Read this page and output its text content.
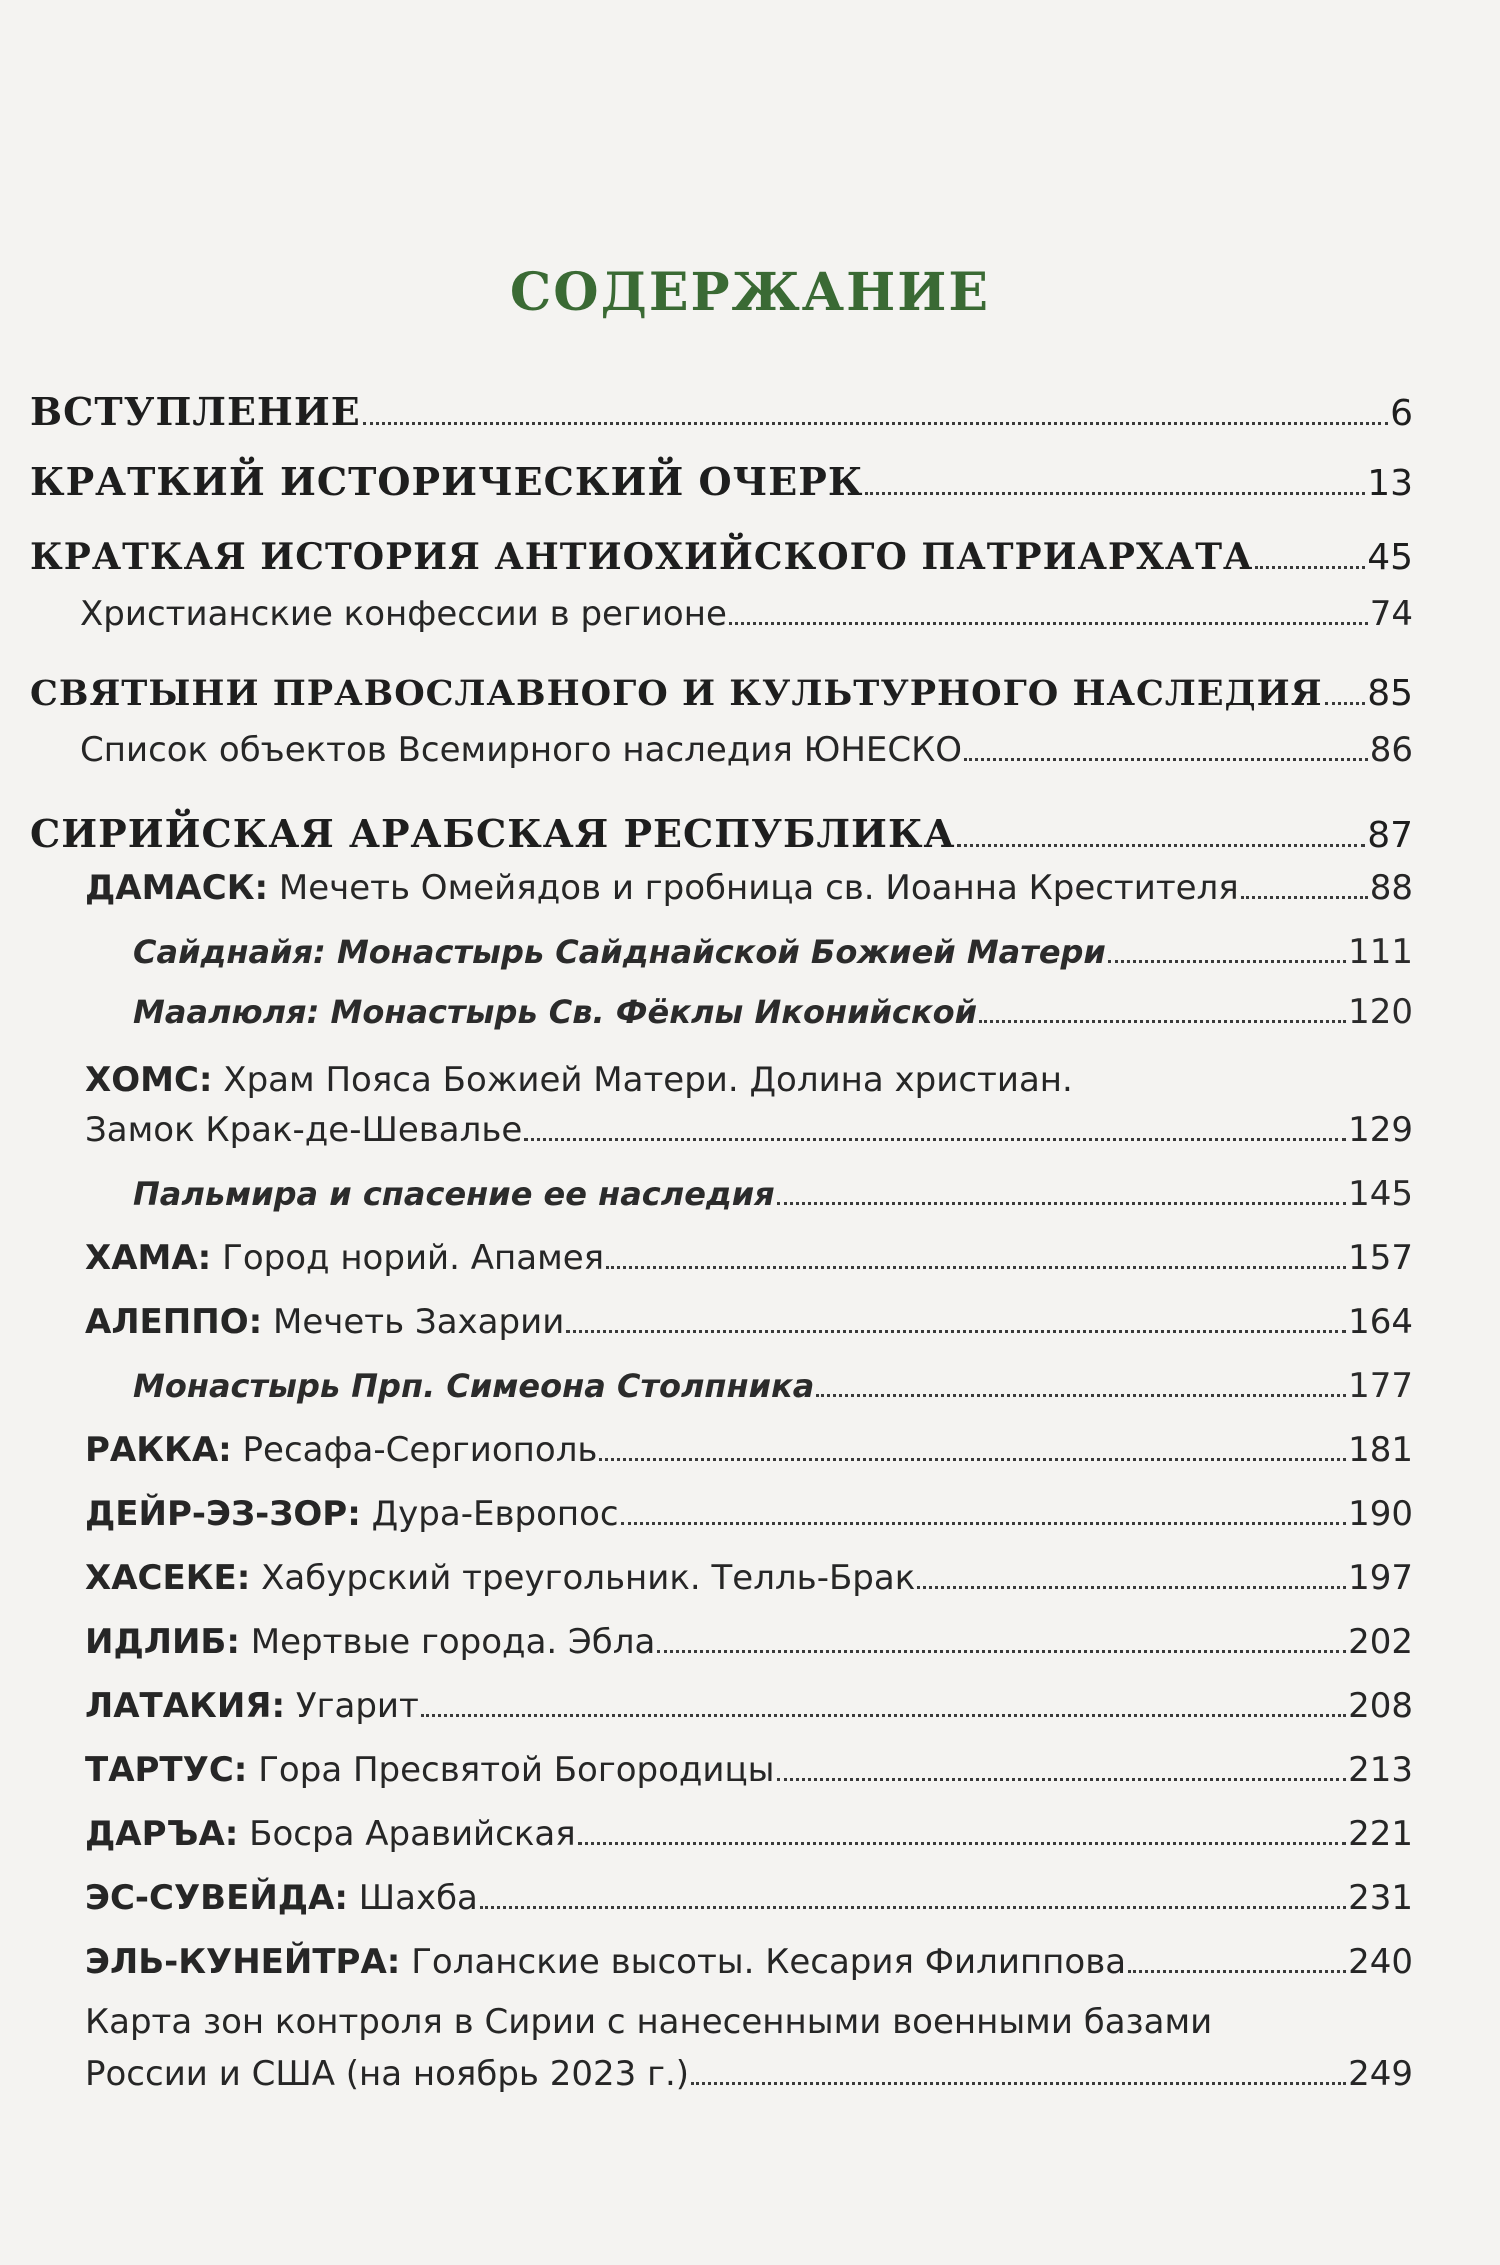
СОДЕРЖАНИЕ
ВСТУПЛЕНИЕ	6
КРАТКИЙ ИСТОРИЧЕСКИЙ ОЧЕРК	13
КРАТКАЯ ИСТОРИЯ АНТИОХИЙСКОГО ПАТРИАРХАТА	45
Христианские конфессии в регионе	74
СВЯТЫНИ ПРАВОСЛАВНОГО И КУЛЬТУРНОГО НАСЛЕДИЯ 85
Список объектов Всемирного наследия ЮНЕСКО	86
СИРИЙСКАЯ АРАБСКАЯ РЕСПУБЛИКА	87
ДАМАСК: Мечеть Омейядов и гробница св. Иоанна Крестителя	88
Сайднайя: Монастырь Сайднайской Божией Матери	111
Маалюля: Монастырь Св. Фёклы Иконийской	120
ХОМС: Храм Пояса Божией Матери. Долина христиан.
Замок Крак-де-Шевалье	129
Пальмира и спасение ее наследия	145
ХАМА: Город норий. Апамея	157
АЛЕППО: Мечеть Захарии	164
Монастырь Прп. Симеона Столпника	177
РАККА: Ресафа-Сергиополь	181
ДЕЙР-ЭЗ-ЗОР: Дура-Европос	190
ХАСЕКЕ: Хабурский треугольник. Телль-Брак	197
ИДЛИБ: Мертвые города. Эбла	202
ЛАТАКИЯ: Угарит	208
ТАРТУС: Гора Пресвятой Богородицы	213
ДАРЪА: Босра Аравийская	221
ЭС-СУВЕЙДА: Шахба	231
ЭЛЬ-КУНЕЙТРА: Голанские высоты. Кесария Филиппова	240
Карта зон контроля в Сирии с нанесенными военными базами
России и США (на ноябрь 2023 г.)	249
